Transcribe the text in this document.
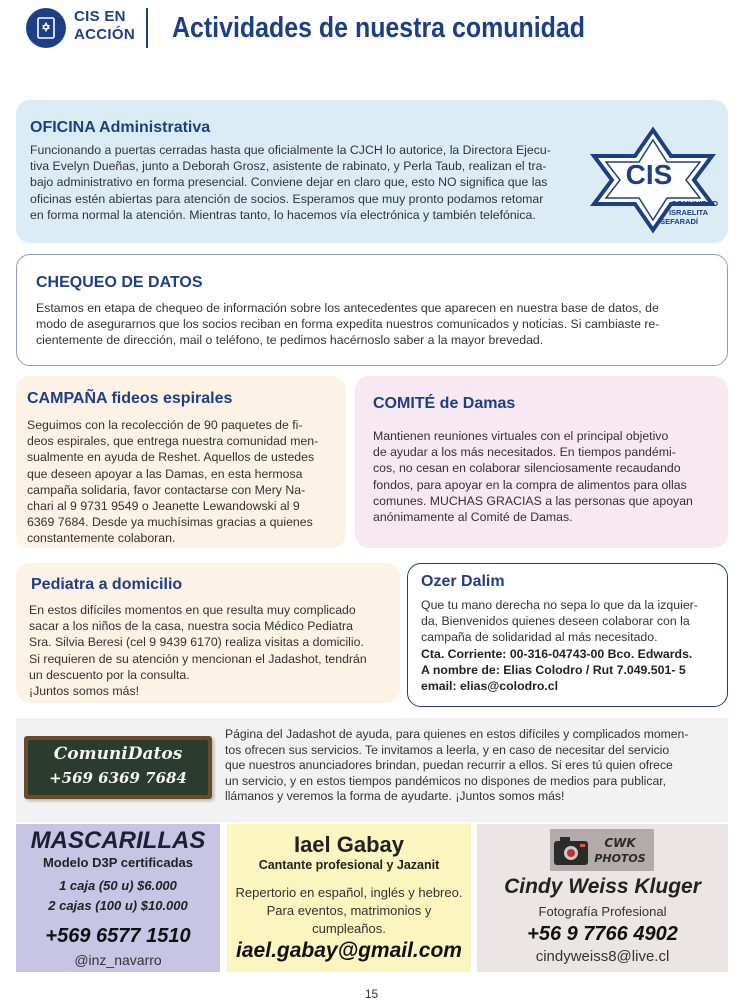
CIS EN
ACCIÓN Actividades de nuestra comunidad
OFICINA Administrativa

Funcionando a puertas cerradas hasta que oficialmente la CJCH lo autorice, la Directora Ejecu-
tiva Evelyn Dueñas, junto a Deborah Grosz, asistente de rabinato, y Perla Taub, realizan el tra-
bajo administrativo en forma presencial. Conviene dejar en claro que, esto NO significa que las
oficinas estén abiertas para atención de socios. Esperamos que muy pronto podamos retomar
en forma normal la atención. Mientras tanto, lo hacemos vía electrónica y también telefónica.

CIS
COMUNIDAD
ISRAELITA
SEFARADÍ
CHEQUEO DE DATOS

Estamos en etapa de chequeo de información sobre los antecedentes que aparecen en nuestra base de datos, de
modo de asegurarnos que los socios reciban en forma expedita nuestros comunicados y noticias. Si cambiaste re-
cientemente de dirección, mail o teléfono, te pedimos hacérnoslo saber a la mayor brevedad.

CAMPAÑA fideos espirales

Seguimos con la recolección de 90 paquetes de fi-
deos espirales, que entrega nuestra comunidad men-
sualmente en ayuda de Reshet. Aquellos de ustedes
que deseen apoyar a las Damas, en esta hermosa
campaña solidaria, favor contactarse con Mery Na-
chari al 9 9731 9549 o Jeanette Lewandowski al 9
6369 7684. Desde ya muchísimas gracias a quienes
constantemente colaboran.

COMITÉ de Damas

Mantienen reuniones virtuales con el principal objetivo
de ayudar a los más necesitados. En tiempos pandémi-
cos, no cesan en colaborar silenciosamente recaudando
fondos, para apoyar en la compra de alimentos para ollas
comunes. MUCHAS GRACIAS a las personas que apoyan
anónimamente al Comité de Damas.

Pediatra a domicilio

En estos difíciles momentos en que resulta muy complicado
sacar a los niños de la casa, nuestra socia Médico Pediatra
Sra. Silvia Beresi (cel 9 9439 6170) realiza visitas a domicilio.
Si requieren de su atención y mencionan el Jadashot, tendrán
un descuento por la consulta.
¡Juntos somos más!

Ozer Dalim

Que tu mano derecha no sepa lo que da la izquier-
da, Bienvenidos quienes deseen colaborar con la
campaña de solidaridad al más necesitado.
Cta. Corriente: 00-316-04743-00 Bco. Edwards.
A nombre de: Elias Colodro / Rut 7.049.501- 5
email: elias@colodro.cl

Página del Jadashot de ayuda, para quienes en estos difíciles y complicados momen-
tos ofrecen sus servicios. Te invitamos a leerla, y en caso de necesitar del servicio
que nuestros anunciadores brindan, puedan recurrir a ellos. Si eres tú quien ofrece
un servicio, y en estos tiempos pandémicos no dispones de medios para publicar,
llámanos y veremos la forma de ayudarte. ¡Juntos somos más!

ComuniDatos
+569 6369 7684
MASCARILLAS
Modelo D3P certificadas
1 caja (50 u) $6.000
2 cajas (100 u) $10.000
+569 6577 1510
@inz_navarro
Iael Gabay
Cantante profesional y Jazanit
Repertorio en español, inglés y hebreo.
Para eventos, matrimonios y
cumpleaños.
iael.gabay@gmail.com
CWK
PHOTOS
Cindy Weiss Kluger
Fotografía Profesional
+56 9 7766 4902
cindyweiss8@live.cl
15
